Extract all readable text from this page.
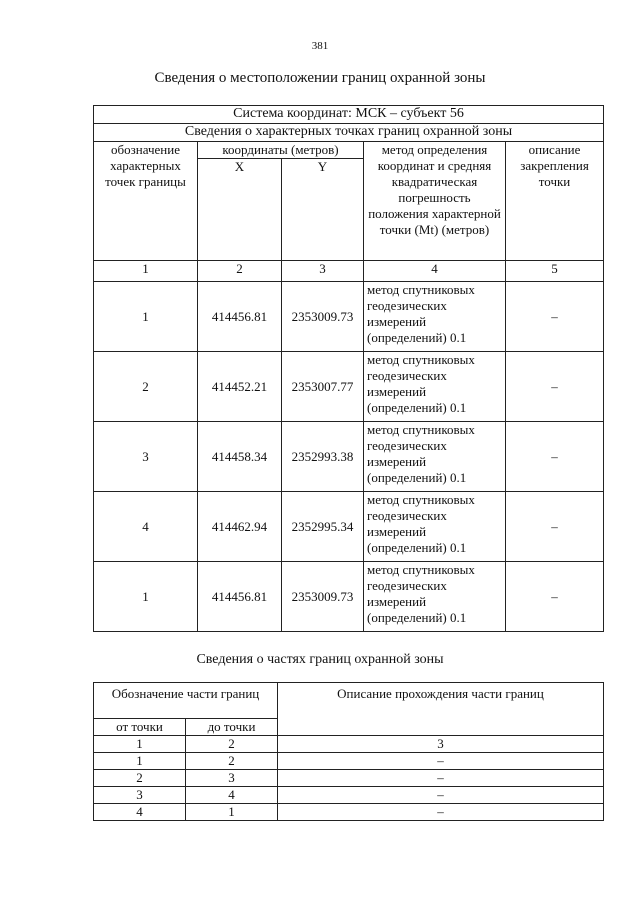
381
Сведения о местоположении границ охранной зоны
Система координат: МСК – субъект 56				
Сведения о характерных точках границ охранной зоны				
обозначение характерных точек границы	координаты (метров)		метод определения координат и средняя квадратическая погрешность положения характерной точки (Mt) (метров)	описание закрепления точки
	X	Y		
1	2	3	4	5
1	414456.81	2353009.73	метод спутниковых геодезических измерений (определений) 0.1	–
2	414452.21	2353007.77	метод спутниковых геодезических измерений (определений) 0.1	–
3	414458.34	2352993.38	метод спутниковых геодезических измерений (определений) 0.1	–
4	414462.94	2352995.34	метод спутниковых геодезических измерений (определений) 0.1	–
1	414456.81	2353009.73	метод спутниковых геодезических измерений (определений) 0.1	–
Сведения о частях границ охранной зоны
Обозначение части границ		Описание прохождения части границ
от точки	до точки	
1	2	3
1	2	–
2	3	–
3	4	–
4	1	–
